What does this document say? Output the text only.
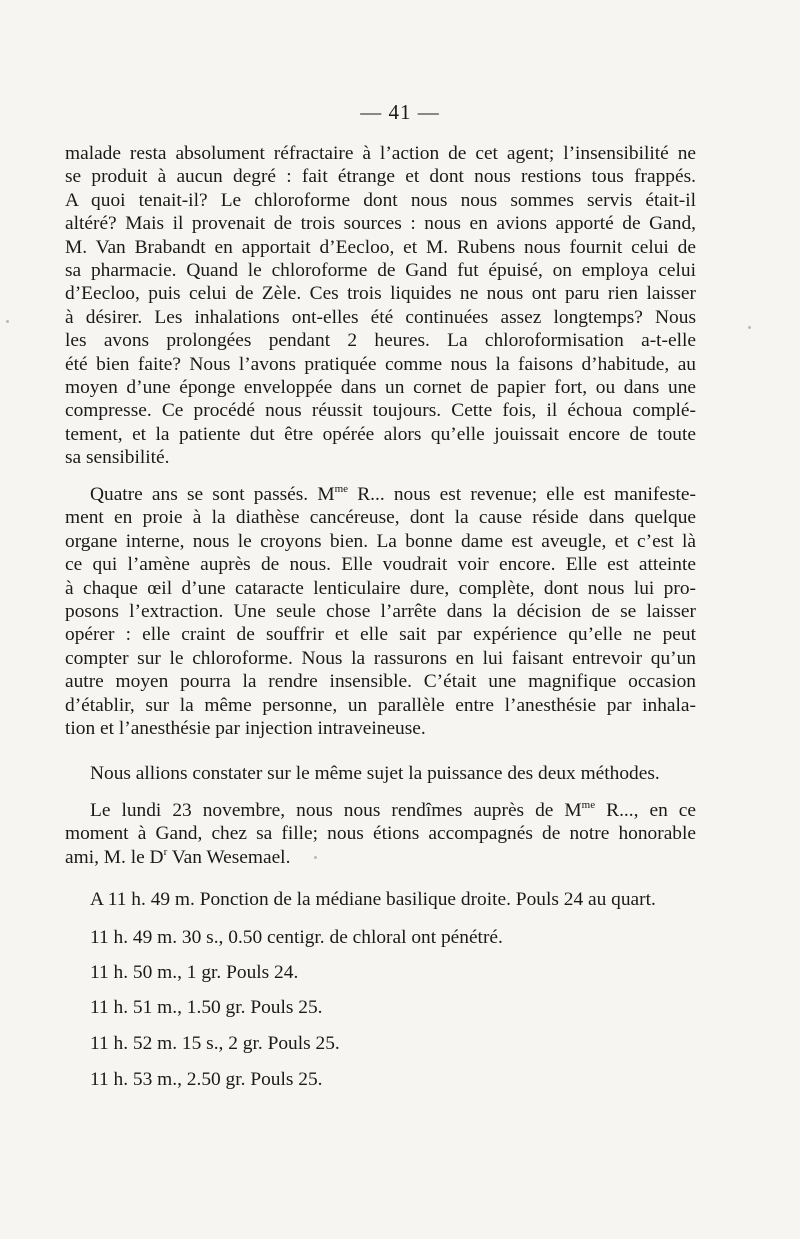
— 41 —
malade resta absolument réfractaire à l’action de cet agent; l’insensibilité ne
se produit à aucun degré : fait étrange et dont nous restions tous frappés.
A quoi tenait-il? Le chloroforme dont nous nous sommes servis était-il
altéré? Mais il provenait de trois sources : nous en avions apporté de Gand,
M. Van Brabandt en apportait d’Eecloo, et M. Rubens nous fournit celui de
sa pharmacie. Quand le chloroforme de Gand fut épuisé, on employa celui
d’Eecloo, puis celui de Zèle. Ces trois liquides ne nous ont paru rien laisser
à désirer. Les inhalations ont-elles été continuées assez longtemps? Nous
les avons prolongées pendant 2 heures. La chloroformisation a-t-elle
été bien faite? Nous l’avons pratiquée comme nous la faisons d’habitude, au
moyen d’une éponge enveloppée dans un cornet de papier fort, ou dans une
compresse. Ce procédé nous réussit toujours. Cette fois, il échoua complé-
tement, et la patiente dut être opérée alors qu’elle jouissait encore de toute
sa sensibilité.
Quatre ans se sont passés. $M^{me}$ R... nous est revenue; elle est manifeste-
ment en proie à la diathèse cancéreuse, dont la cause réside dans quelque
organe interne, nous le croyons bien. La bonne dame est aveugle, et c’est là
ce qui l’amène auprès de nous. Elle voudrait voir encore. Elle est atteinte
à chaque œil d’une cataracte lenticulaire dure, complète, dont nous lui pro-
posons l’extraction. Une seule chose l’arrête dans la décision de se laisser
opérer : elle craint de souffrir et elle sait par expérience qu’elle ne peut
compter sur le chloroforme. Nous la rassurons en lui faisant entrevoir qu’un
autre moyen pourra la rendre insensible. C’était une magnifique occasion
d’établir, sur la même personne, un parallèle entre l’anesthésie par inhala-
tion et l’anesthésie par injection intraveineuse.
Nous allions constater sur le même sujet la puissance des deux méthodes.
Le lundi 23 novembre, nous nous rendîmes auprès de $M^{me}$ R..., en ce
moment à Gand, chez sa fille; nous étions accompagnés de notre honorable
ami, M. le $D^r$ Van Wesemael.
A 11 h. 49 m. Ponction de la médiane basilique droite. Pouls 24 au quart.
11 h. 49 m. 30 s., 0.50 centigr. de chloral ont pénétré.
11 h. 50 m., 1 gr. Pouls 24.
11 h. 51 m., 1.50 gr. Pouls 25.
11 h. 52 m. 15 s., 2 gr. Pouls 25.
11 h. 53 m., 2.50 gr. Pouls 25.
